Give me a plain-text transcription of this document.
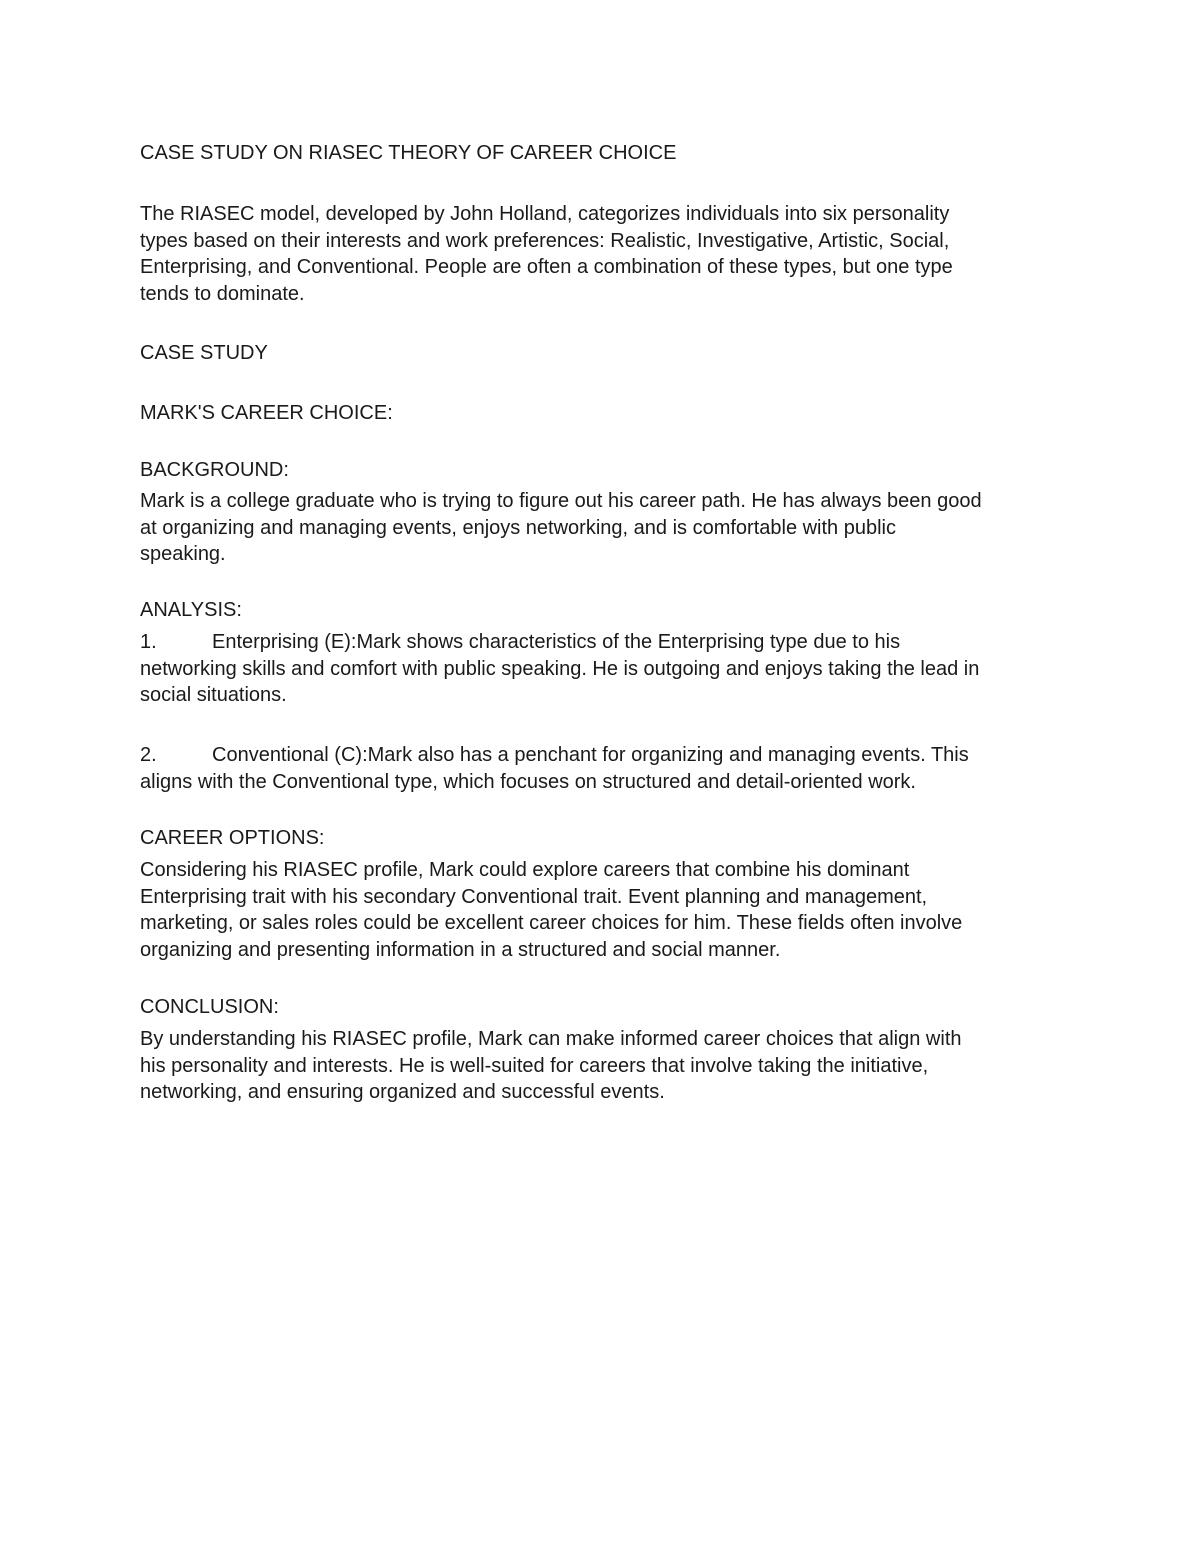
CASE STUDY ON RIASEC THEORY OF CAREER CHOICE

The RIASEC model, developed by John Holland, categorizes individuals into six personality
types based on their interests and work preferences: Realistic, Investigative, Artistic, Social,
Enterprising, and Conventional. People are often a combination of these types, but one type
tends to dominate.

CASE STUDY

MARK'S CAREER CHOICE:

BACKGROUND:

Mark is a college graduate who is trying to figure out his career path. He has always been good
at organizing and managing events, enjoys networking, and is comfortable with public
speaking.

ANALYSIS:

1.	Enterprising (E):Mark shows characteristics of the Enterprising type due to his
networking skills and comfort with public speaking. He is outgoing and enjoys taking the lead in
social situations.

2.	Conventional (C):Mark also has a penchant for organizing and managing events. This
aligns with the Conventional type, which focuses on structured and detail-oriented work.

CAREER OPTIONS:

Considering his RIASEC profile, Mark could explore careers that combine his dominant
Enterprising trait with his secondary Conventional trait. Event planning and management,
marketing, or sales roles could be excellent career choices for him. These fields often involve
organizing and presenting information in a structured and social manner.

CONCLUSION:

By understanding his RIASEC profile, Mark can make informed career choices that align with
his personality and interests. He is well-suited for careers that involve taking the initiative,
networking, and ensuring organized and successful events.
